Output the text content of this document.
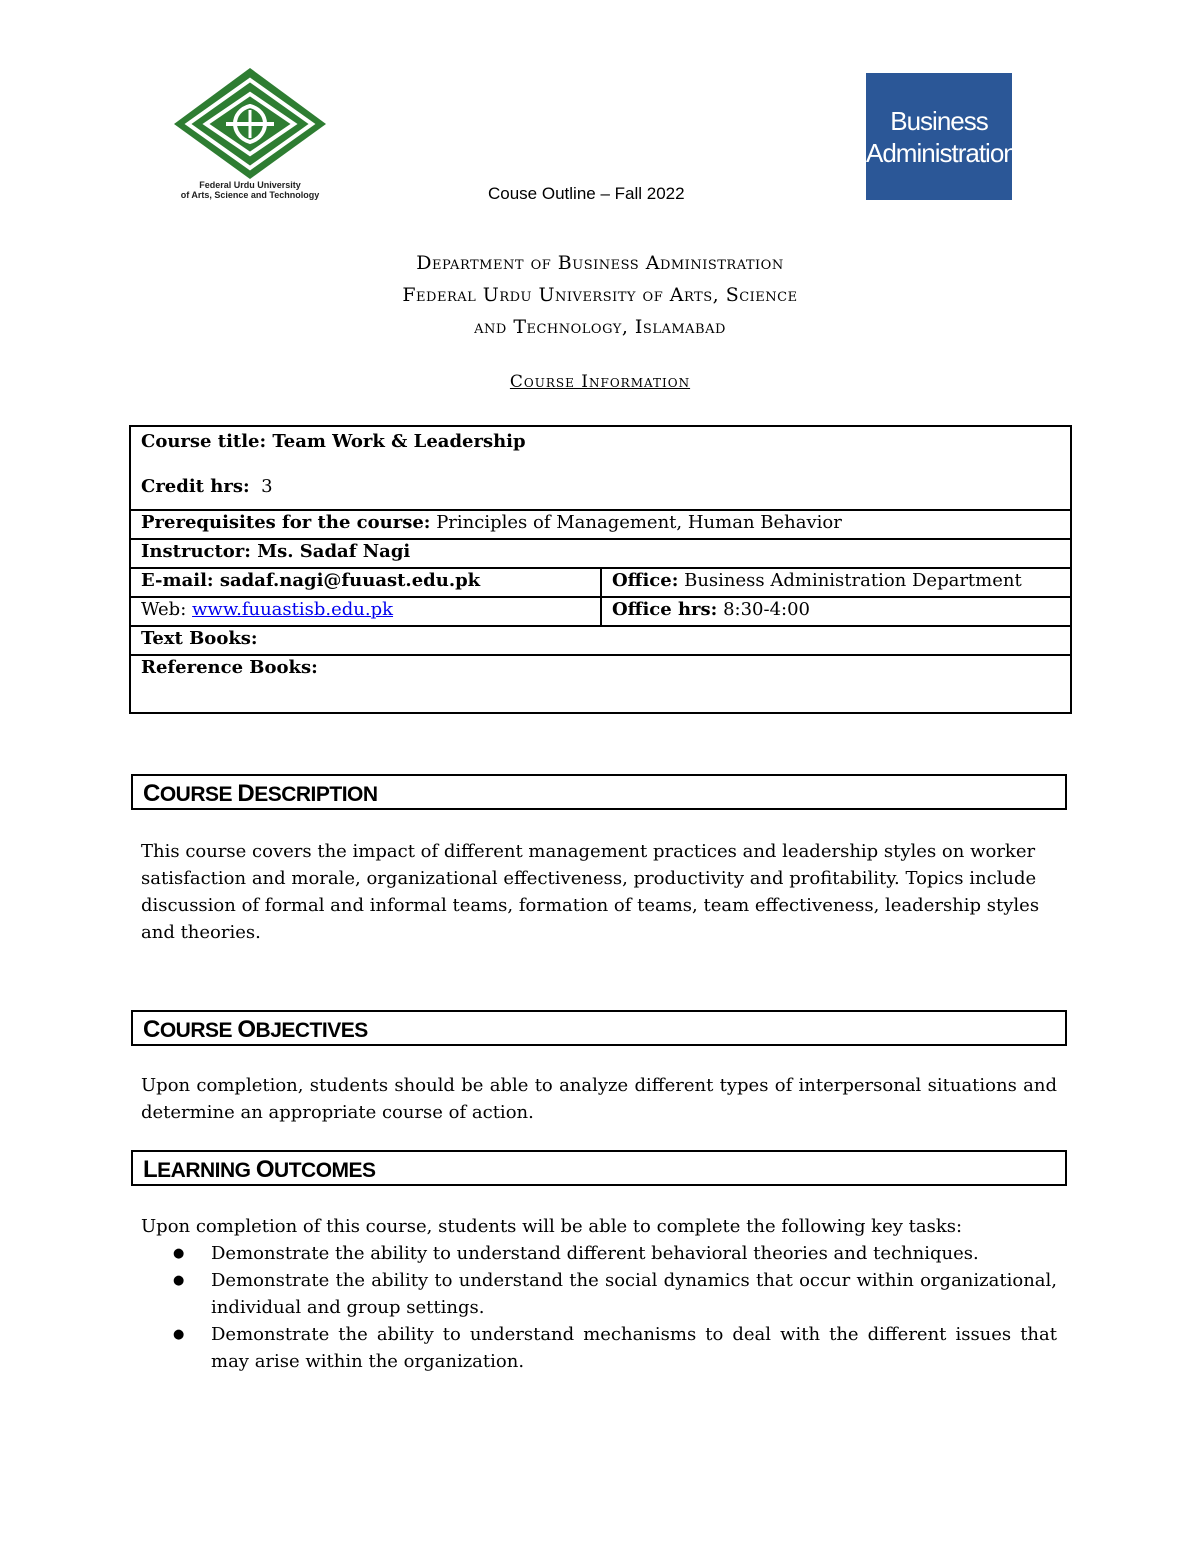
Federal Urdu University
of Arts, Science and Technology
Business
Administration
Couse Outline – Fall 2022
Department of Business Administration
Federal Urdu University of Arts, Science
and Technology, Islamabad
Course Information
Course title: Team Work & Leadership
Credit hrs: 3	

Prerequisites for the course: Principles of Management, Human Behavior	
Instructor: Ms. Sadaf Nagi	
E-mail: sadaf.nagi@fuuast.edu.pk	Office: Business Administration Department
Web: www.fuuastisb.edu.pk	Office hrs: 8:30-4:00
Text Books:	
Reference Books:	
COURSE DESCRIPTION
This course covers the impact of different management practices and leadership styles on worker satisfaction and morale, organizational effectiveness, productivity and profitability. Topics include discussion of formal and informal teams, formation of teams, team effectiveness, leadership styles and theories.
COURSE OBJECTIVES
Upon completion, students should be able to analyze different types of interpersonal situations and determine an appropriate course of action.
LEARNING OUTCOMES
Upon completion of this course, students will be able to complete the following key tasks:
● Demonstrate the ability to understand different behavioral theories and techniques.
● Demonstrate the ability to understand the social dynamics that occur within organizational, individual and group settings.
● Demonstrate the ability to understand mechanisms to deal with the different issues that may arise within the organization.
